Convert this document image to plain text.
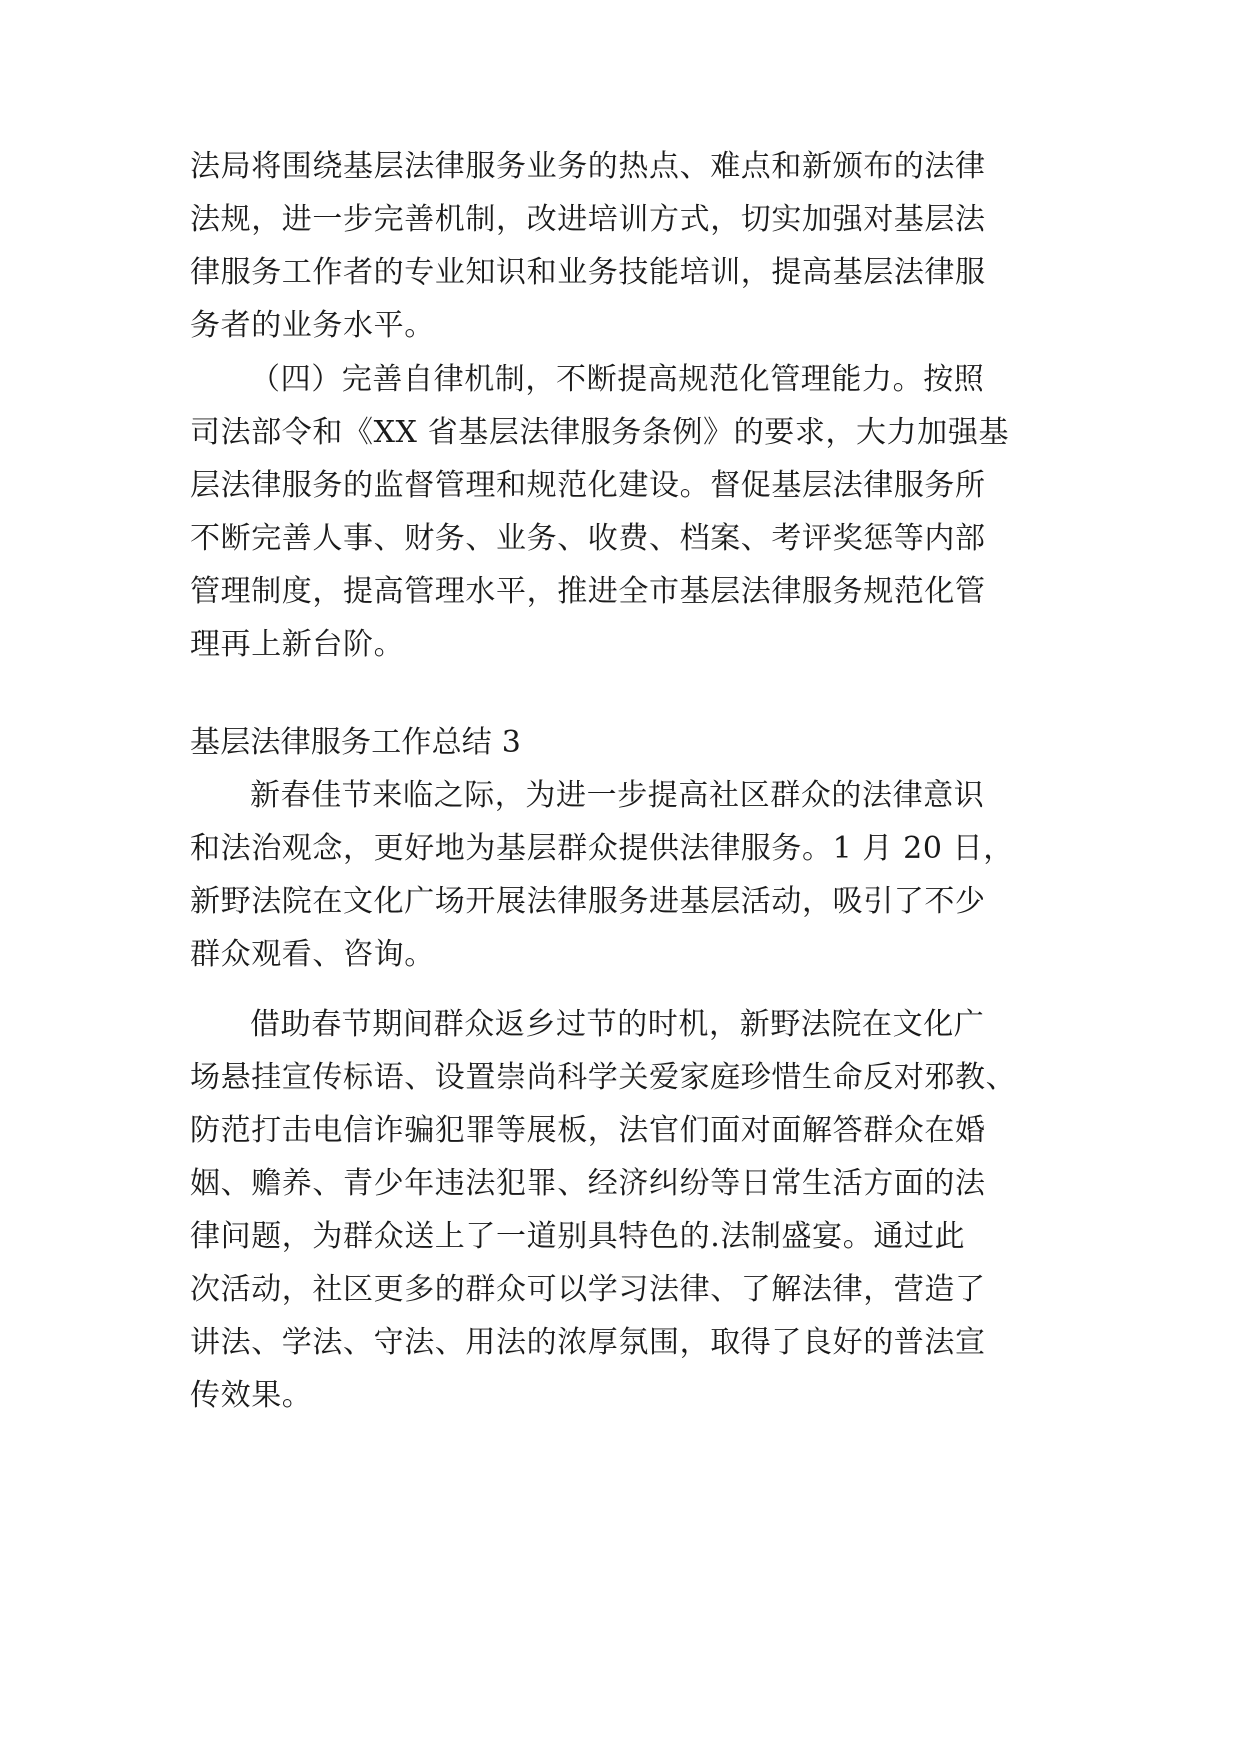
法局将围绕基层法律服务业务的热点、难点和新颁布的法律
法规，进一步完善机制，改进培训方式，切实加强对基层法
律服务工作者的专业知识和业务技能培训，提高基层法律服
务者的业务水平。
（四）完善自律机制，不断提高规范化管理能力。按照
司法部令和《XX 省基层法律服务条例》的要求，大力加强基
层法律服务的监督管理和规范化建设。督促基层法律服务所
不断完善人事、财务、业务、收费、档案、考评奖惩等内部
管理制度，提高管理水平，推进全市基层法律服务规范化管
理再上新台阶。
基层法律服务工作总结 3
新春佳节来临之际，为进一步提高社区群众的法律意识
和法治观念，更好地为基层群众提供法律服务。1 月 20 日，
新野法院在文化广场开展法律服务进基层活动，吸引了不少
群众观看、咨询。
借助春节期间群众返乡过节的时机，新野法院在文化广
场悬挂宣传标语、设置崇尚科学关爱家庭珍惜生命反对邪教、
防范打击电信诈骗犯罪等展板，法官们面对面解答群众在婚
姻、赡养、青少年违法犯罪、经济纠纷等日常生活方面的法
律问题，为群众送上了一道别具特色的.法制盛宴。通过此
次活动，社区更多的群众可以学习法律、了解法律，营造了
讲法、学法、守法、用法的浓厚氛围，取得了良好的普法宣
传效果。
